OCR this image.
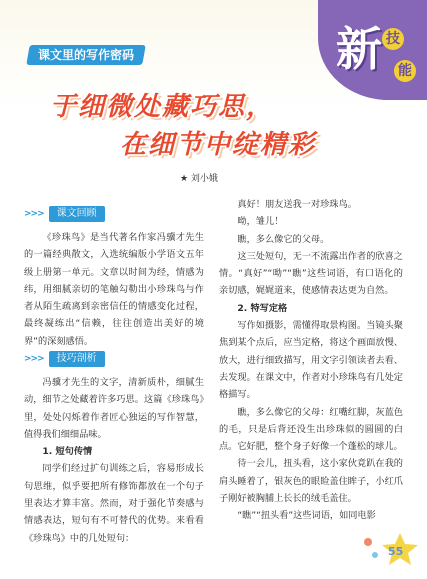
新 技
能
课文里的写作密码
于细微处藏巧思，
在细节中绽精彩
★ 刘小娥
>>>	课文回顾

《珍珠鸟》是当代著名作家冯骥才先生的一篇经典散文，入选统编版小学语文五年级上册第一单元。文章以时间为经，情感为纬，用细腻亲切的笔触勾勒出小珍珠鸟与作者从陌生疏离到亲密信任的情感变化过程，最终凝练出“信赖，往往创造出美好的境界”的深刻感悟。

>>>	技巧剖析

冯骥才先生的文字，清新质朴，细腻生动，细节之处藏着许多巧思。这篇《珍珠鸟》里，处处闪烁着作者匠心独运的写作智慧，值得我们细细品味。

1. 短句传情

同学们经过扩句训练之后，容易形成长句思维，似乎要把所有修饰都放在一个句子里表达才算丰富。然而，对于强化节奏感与情感表达，短句有不可替代的优势。来看看《珍珠鸟》中的几处短句：

真好！朋友送我一对珍珠鸟。

呦，雏儿！

瞧，多么像它的父母。

这三处短句，无一不流露出作者的欣喜之情。“真好”“呦”“瞧”这些词语，有口语化的亲切感，娓娓道来，使感情表达更为自然。

2. 特写定格

写作如摄影，需懂得取景构图。当镜头聚焦到某个点后，应当定格，将这个画面放慢、放大，进行细致描写，用文字引领读者去看、去发现。在课文中，作者对小珍珠鸟有几处定格描写。

瞧，多么像它的父母：红嘴红脚，灰蓝色的毛，只是后背还没生出珍珠似的圆圆的白点。它好肥，整个身子好像一个蓬松的球儿。

待一会儿，扭头看，这小家伙竟趴在我的肩头睡着了，银灰色的眼睑盖住眸子，小红爪子刚好被胸脯上长长的绒毛盖住。

“瞧”“扭头看”这些词语，如同电影

55
